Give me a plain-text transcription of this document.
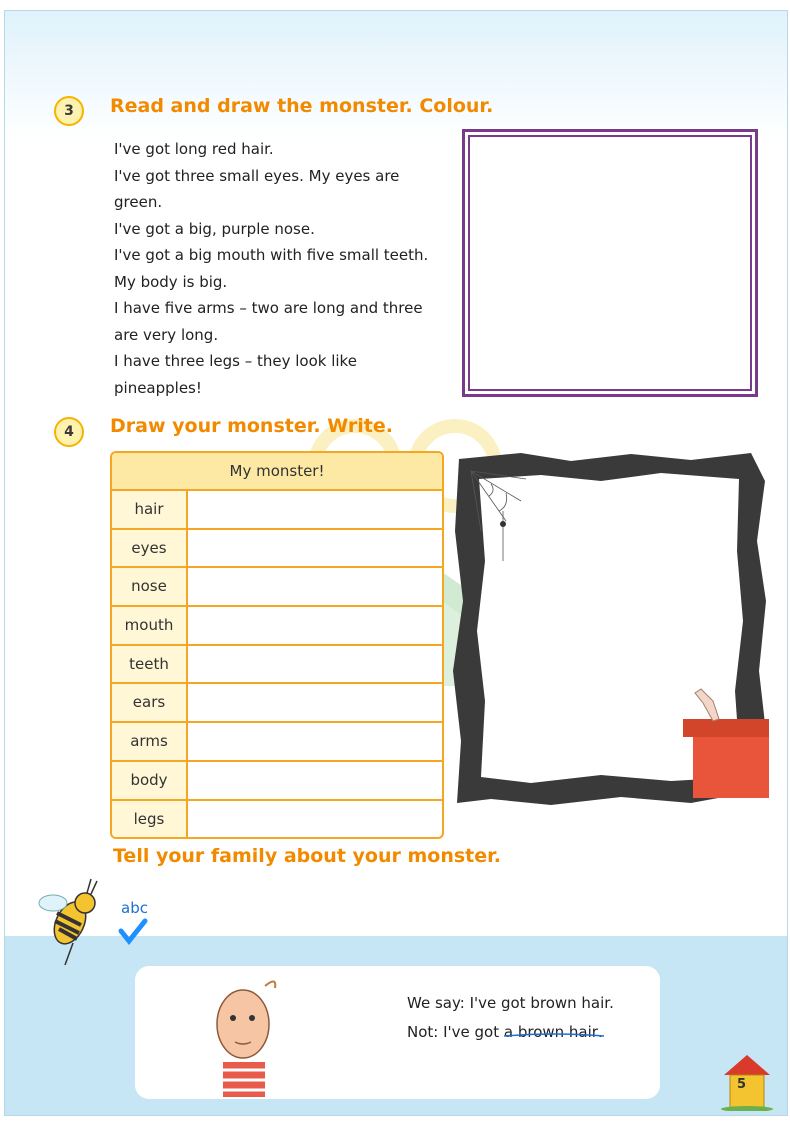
3	Read and draw the monster. Colour.
I've got long red hair.
I've got three small eyes. My eyes are
green.
I've got a big, purple nose.
I've got a big mouth with five small teeth.
My body is big.
I have five arms – two are long and three
are very long.
I have three legs – they look like
pineapples!
4	Draw your monster. Write.
My monster!
hair
eyes
nose
mouth
teeth
ears
arms
body
legs
Tell your family about your monster.
abc
We say: I've got brown hair.
Not: I've got a brown hair
.
5
